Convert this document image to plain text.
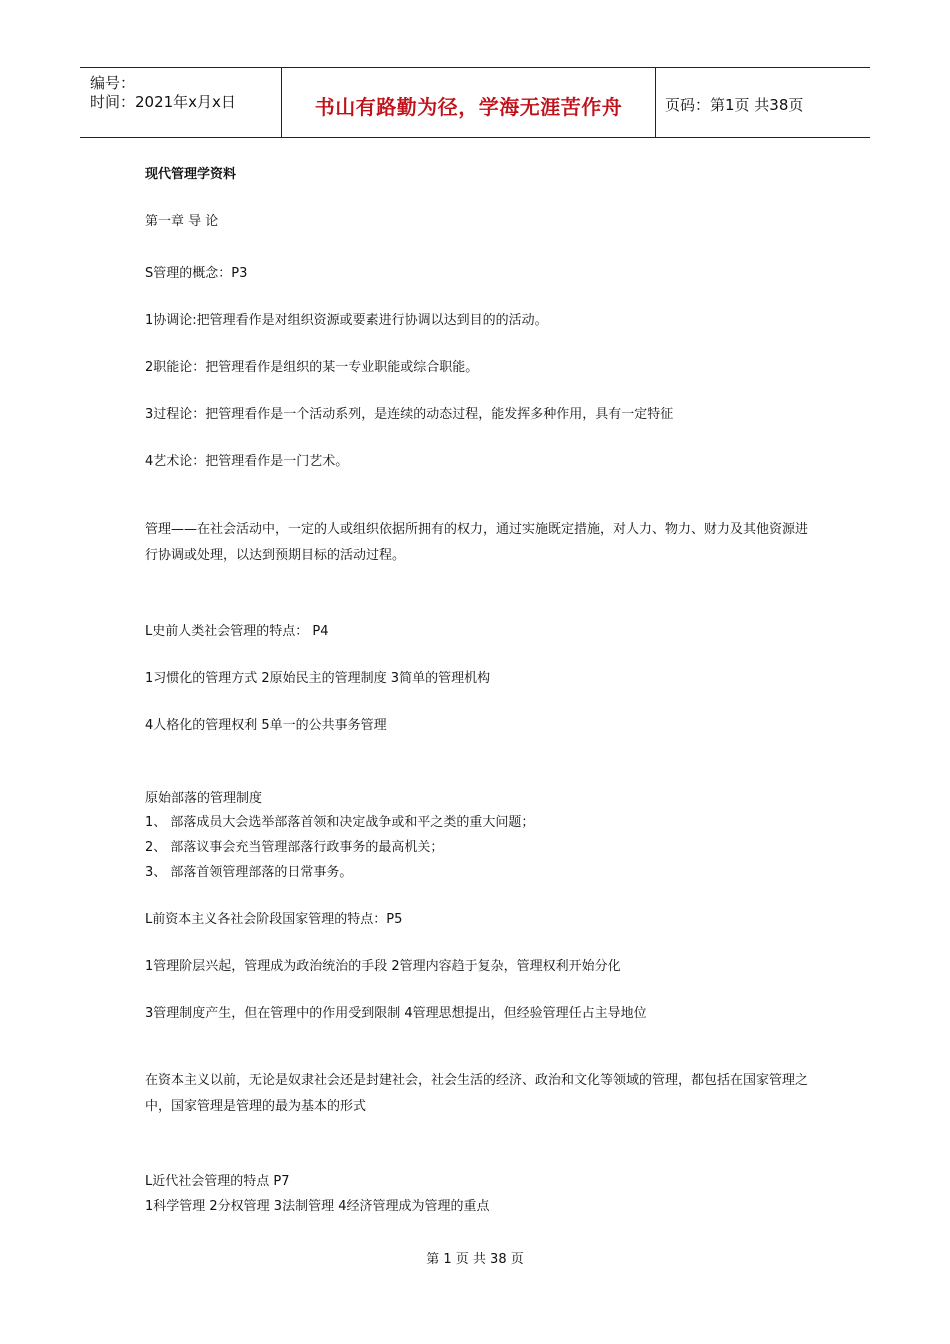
编号：
时间：2021年x月x日	书山有路勤为径，学海无涯苦作舟	页码：第1页 共38页
现代管理学资料
第一章 导 论
S管理的概念：P3
1协调论:把管理看作是对组织资源或要素进行协调以达到目的的活动。
2职能论：把管理看作是组织的某一专业职能或综合职能。
3过程论：把管理看作是一个活动系列，是连续的动态过程，能发挥多种作用，具有一定特征
4艺术论：把管理看作是一门艺术。
管理——在社会活动中，一定的人或组织依据所拥有的权力，通过实施既定措施，对人力、物力、财力及其他资源进行协调或处理，以达到预期目标的活动过程。
L史前人类社会管理的特点： P4
1习惯化的管理方式 2原始民主的管理制度 3简单的管理机构
4人格化的管理权利 5单一的公共事务管理
原始部落的管理制度
1、 部落成员大会选举部落首领和决定战争或和平之类的重大问题；
2、 部落议事会充当管理部落行政事务的最高机关；
3、 部落首领管理部落的日常事务。
L前资本主义各社会阶段国家管理的特点：P5
1管理阶层兴起，管理成为政治统治的手段 2管理内容趋于复杂，管理权利开始分化
3管理制度产生，但在管理中的作用受到限制 4管理思想提出，但经验管理任占主导地位
在资本主义以前，无论是奴隶社会还是封建社会，社会生活的经济、政治和文化等领域的管理，都包括在国家管理之中，国家管理是管理的最为基本的形式
L近代社会管理的特点 P7
1科学管理 2分权管理 3法制管理 4经济管理成为管理的重点
第 1 页 共 38 页
